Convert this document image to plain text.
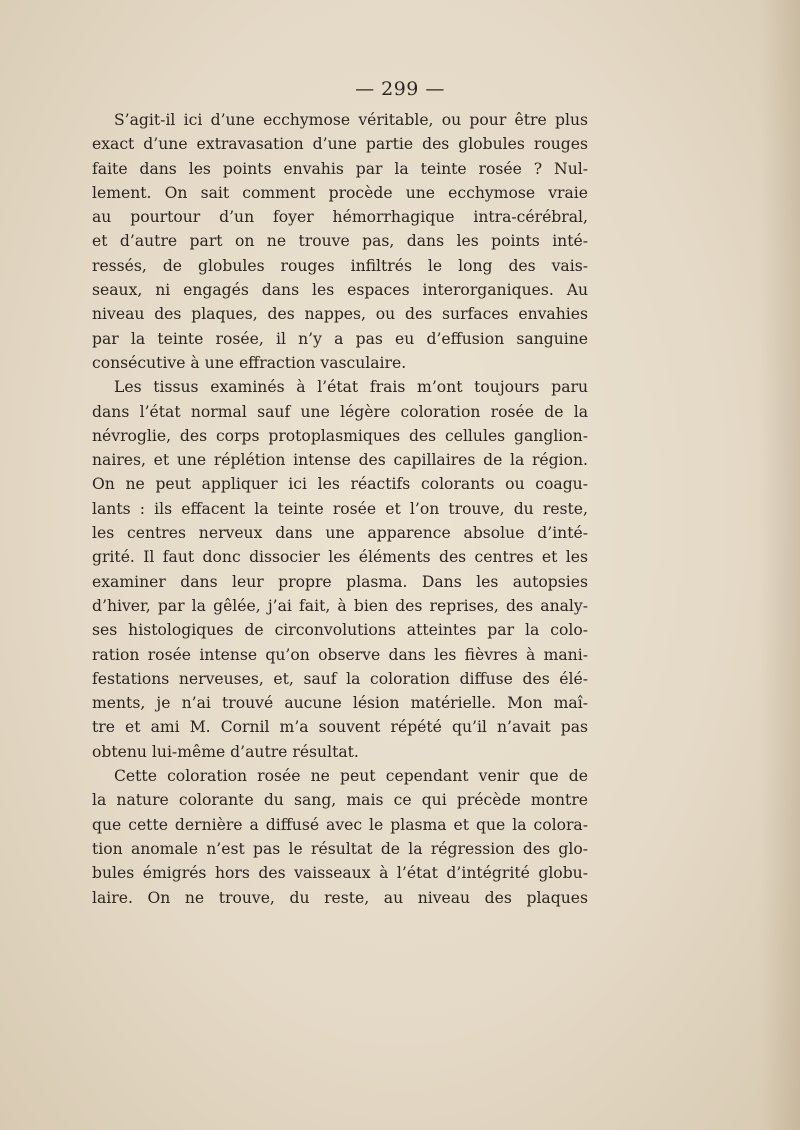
— 299 —
S’agit-il ici d’une ecchymose véritable, ou pour être plus
exact d’une extravasation d’une partie des globules rouges
faite dans les points envahis par la teinte rosée ? Nul-
lement. On sait comment procède une ecchymose vraie
au pourtour d’un foyer hémorrhagique intra-cérébral,
et d’autre part on ne trouve pas, dans les points inté-
ressés, de globules rouges infiltrés le long des vais-
seaux, ni engagés dans les espaces interorganiques. Au
niveau des plaques, des nappes, ou des surfaces envahies
par la teinte rosée, il n’y a pas eu d’effusion sanguine
consécutive à une effraction vasculaire.
Les tissus examinés à l’état frais m’ont toujours paru
dans l’état normal sauf une légère coloration rosée de la
névroglie, des corps protoplasmiques des cellules ganglion-
naires, et une réplétion intense des capillaires de la région.
On ne peut appliquer ici les réactifs colorants ou coagu-
lants : ils effacent la teinte rosée et l’on trouve, du reste,
les centres nerveux dans une apparence absolue d’inté-
grité. Il faut donc dissocier les éléments des centres et les
examiner dans leur propre plasma. Dans les autopsies
d’hiver, par la gêlée, j’ai fait, à bien des reprises, des analy-
ses histologiques de circonvolutions atteintes par la colo-
ration rosée intense qu’on observe dans les fièvres à mani-
festations nerveuses, et, sauf la coloration diffuse des élé-
ments, je n’ai trouvé aucune lésion matérielle. Mon maî-
tre et ami M. Cornil m’a souvent répété qu’il n’avait pas
obtenu lui-même d’autre résultat.
Cette coloration rosée ne peut cependant venir que de
la nature colorante du sang, mais ce qui précède montre
que cette dernière a diffusé avec le plasma et que la colora-
tion anomale n’est pas le résultat de la régression des glo-
bules émigrés hors des vaisseaux à l’état d’intégrité globu-
laire. On ne trouve, du reste, au niveau des plaques
